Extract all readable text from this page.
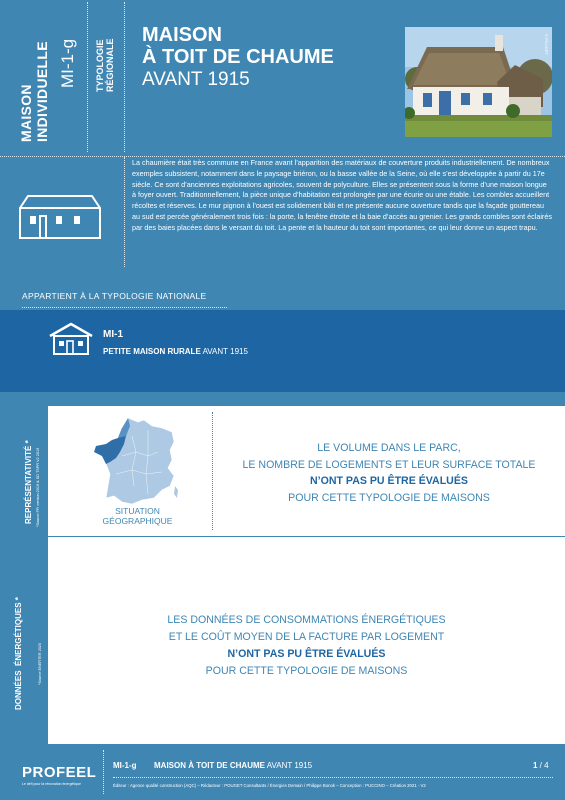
MAISON INDIVIDUELLE MI-1-g TYPOLOGIE RÉGIONALE
MAISON
À TOIT DE CHAUME
AVANT 1915
©POUGET
La chaumière était très commune en France avant l’apparition des matériaux de couverture produits industriellement. De nombreux exemples subsistent, notamment dans le paysage briéron, ou la basse vallée de la Seine, où elle s’est développée à partir du 17e siècle. Ce sont d’anciennes exploitations agricoles, souvent de polyculture. Elles se présentent sous la forme d’une maison longue à foyer ouvert. Traditionnellement, la pièce unique d’habitation est prolongée par une écurie ou une étable. Les combles accueillent récoltes et réserves. Le mur pignon à l’ouest est solidement bâti et ne présente aucune ouverture tandis que la façade gouttereau au sud est percée généralement trois fois : la porte, la fenêtre étroite et la baie d’accès au grenier. Les grands combles sont éclairés par des baies placées dans le versant du toit. La pente et la hauteur du toit sont importantes, ce qui leur donne un aspect trapu.
APPARTIENT À LA TYPOLOGIE NATIONALE
MI-1
PETITE MAISON RURALE AVANT 1915
REPRÉSENTATIVITÉ * *Source FFI version 2019 & SD TSPR V2 2019
DONNÉES  ÉNERGÉTIQUES *	*Source ENERTER 2020
SITUATION
GÉOGRAPHIQUE
LE VOLUME DANS LE PARC,
LE NOMBRE DE LOGEMENTS ET LEUR SURFACE TOTALE
N’ONT PAS PU ÊTRE ÉVALUÉS
POUR CETTE TYPOLOGIE DE MAISONS
LES DONNÉES DE CONSOMMATIONS ÉNERGÉTIQUES
ET LE COÛT MOYEN DE LA FACTURE PAR LOGEMENT
N’ONT PAS PU ÊTRE ÉVALUÉS
POUR CETTE TYPOLOGIE DE MAISONS
PROFEEL
Le défi pour la rénovation énergétique
MI-1-g MAISON À TOIT DE CHAUME AVANT 1915	1 / 4
Éditeur : Agence qualité construction (AQC) – Rédacteur : POUGET Consultants / Énergies Demain / Philippe Bonok – Conception : PUCCINO – Création 2021 - V2
